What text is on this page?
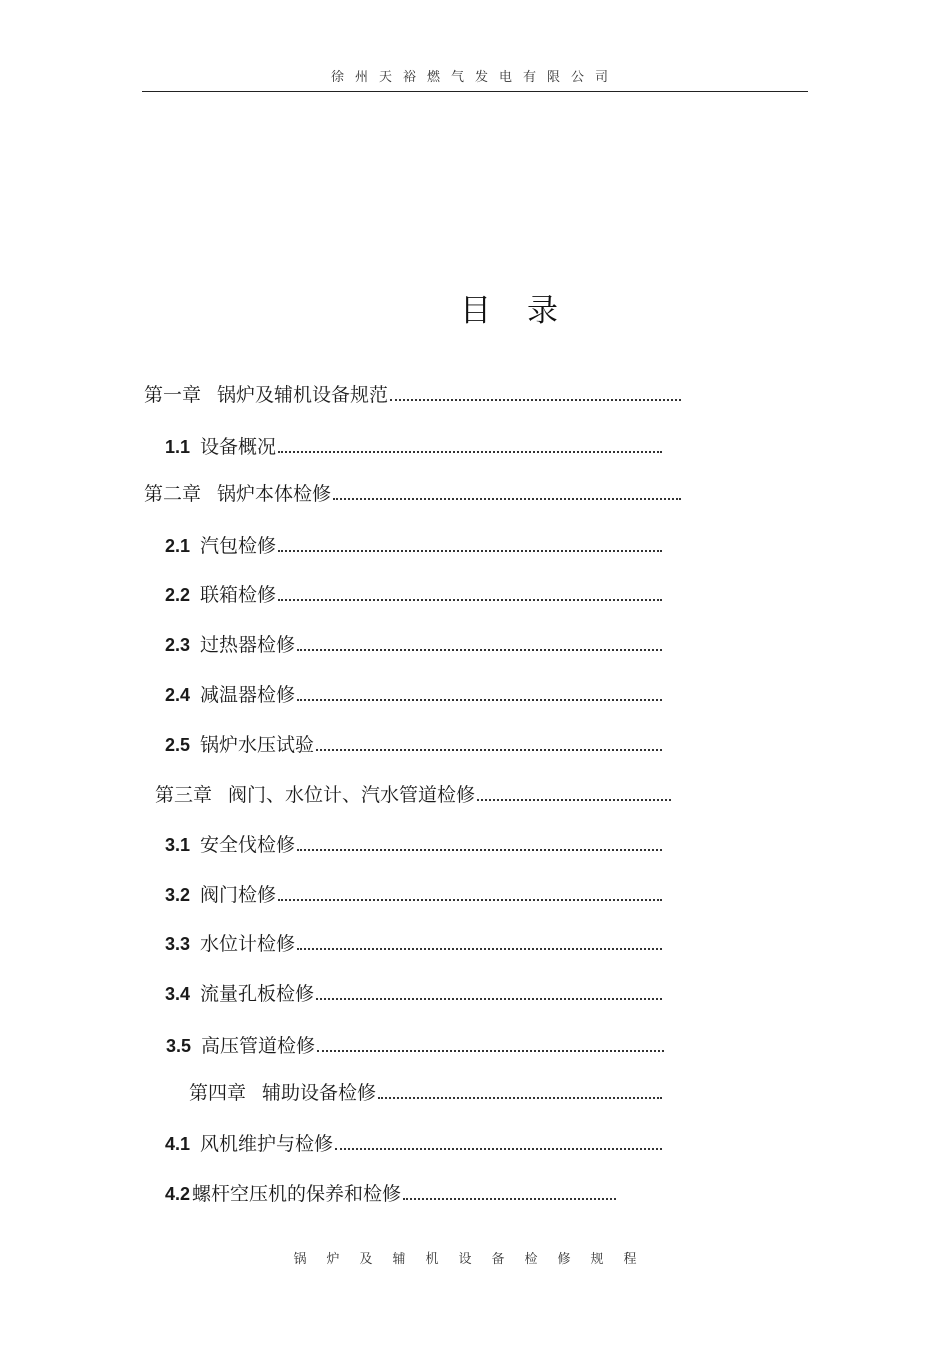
徐州天裕燃气发电有限公司
目录
第一章 锅炉及辅机设备规范
1.1 设备概况
第二章 锅炉本体检修
2.1 汽包检修
2.2 联箱检修
2.3 过热器检修
2.4 减温器检修
2.5 锅炉水压试验
第三章 阀门、水位计、汽水管道检修
3.1 安全伐检修
3.2 阀门检修
3.3 水位计检修
3.4 流量孔板检修
3.5 高压管道检修
第四章 辅助设备检修
4.1 风机维护与检修
4.2 螺杆空压机的保养和检修
锅炉及辅机设备检修规程
